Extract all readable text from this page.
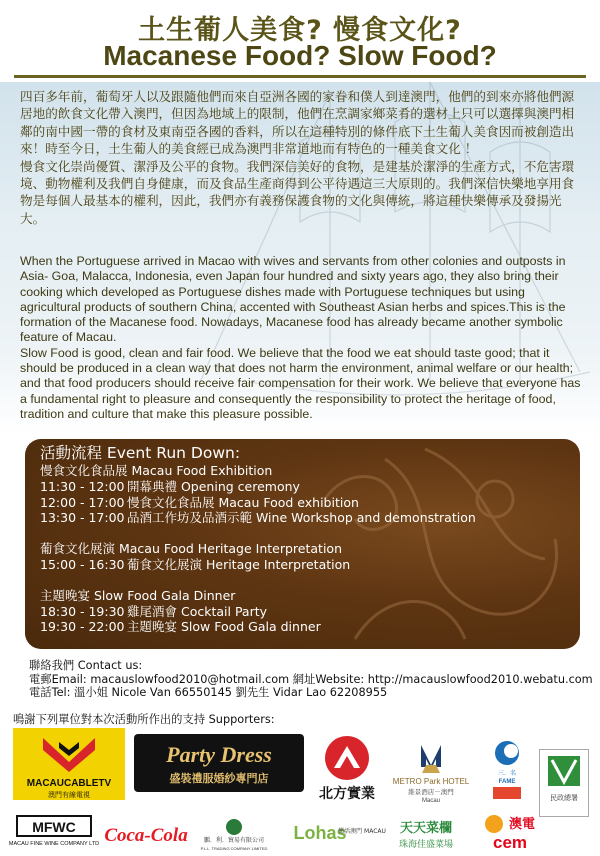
土生葡人美食? 慢食文化?
Macanese Food? Slow Food?

四百多年前，葡萄牙人以及跟隨他們而來自亞洲各國的家眷和僕人到達澳門，他們的到來亦將他們源居地的飲食文化帶入澳門，但因為地域上的限制，他們在烹調家鄉菜肴的選材上只可以選擇與澳門相鄰的南中國一帶的食材及東南亞各國的香料，所以在這種特別的條件底下土生葡人美食因而被創造出來！時至今日，土生葡人的美食經已成為澳門非常道地而有特色的一種美食文化 ！

慢食文化崇尚優質、潔淨及公平的食物。我們深信美好的食物，是建基於潔淨的生產方式，不危害環境、動物權利及我們自身健康，而及食品生產商得到公平待遇這三大原則的。我們深信快樂地享用食物是每個人最基本的權利，因此，我們亦有義務保護食物的文化與傳統，將這種快樂傳承及發揚光大。

When the Portuguese arrived in Macao with wives and servants from other colonies and outposts in Asia- Goa, Malacca, Indonesia, even Japan four hundred and sixty years ago, they also bring their cooking which developed as Portuguese dishes made with Portuguese techniques but using agricultural products of southern China, accented with Southeast Asian herbs and spices.This is the formation of the Macanese food. Nowadays, Macanese food has already became another symbolic feature of Macau.

Slow Food is good, clean and fair food. We believe that the food we eat should taste good; that it should be produced in a clean way that does not harm the environment, animal welfare or our health; and that food producers should receive fair compensation for their work. We believe that everyone has a fundamental right to pleasure and consequently the responsibility to protect the heritage of food, tradition and culture that make this pleasure possible.

活動流程 Event Run Down:
慢食文化食品展 Macau Food Exhibition
11:30 - 12:00 開幕典禮 Opening ceremony
12:00 - 17:00 慢食文化食品展 Macau Food exhibition
13:30 - 17:00 品酒工作坊及品酒示範 Wine Workshop and demonstration
葡食文化展演 Macau Food Heritage Interpretation
15:00 - 16:30 葡食文化展演 Heritage Interpretation
主題晚宴 Slow Food Gala Dinner
18:30 - 19:30 雞尾酒會 Cocktail Party
19:30 - 22:00 主題晚宴 Slow Food Gala dinner
聯絡我們 Contact us:
電郵Email: macauslowfood2010@hotmail.com 網址Website: http://macauslowfood2010.webatu.com
電話Tel: 溫小姐 Nicole Van 66550145 劉先生 Vidar Lao 62208955
鳴謝下列單位對本次活動所作出的支持 Supporters:
MACAUCABLETV
澳門有線電視
Party Dress
盛裝禮服婚紗專門店
北方實業
METRO Park HOTEL
維景酒店－澳門
Macau
三．名
FAME
民政總署
MFWC
MACAU FINE WINE COMPANY LTD Coca-Cola	鵬．利．貿易有限公司
P.L.L. TRADING COMPANY LIMITED
Lohas
樂活澳門 MACAU 天天菜欄
珠海佳盛菜場
澳電
cem
